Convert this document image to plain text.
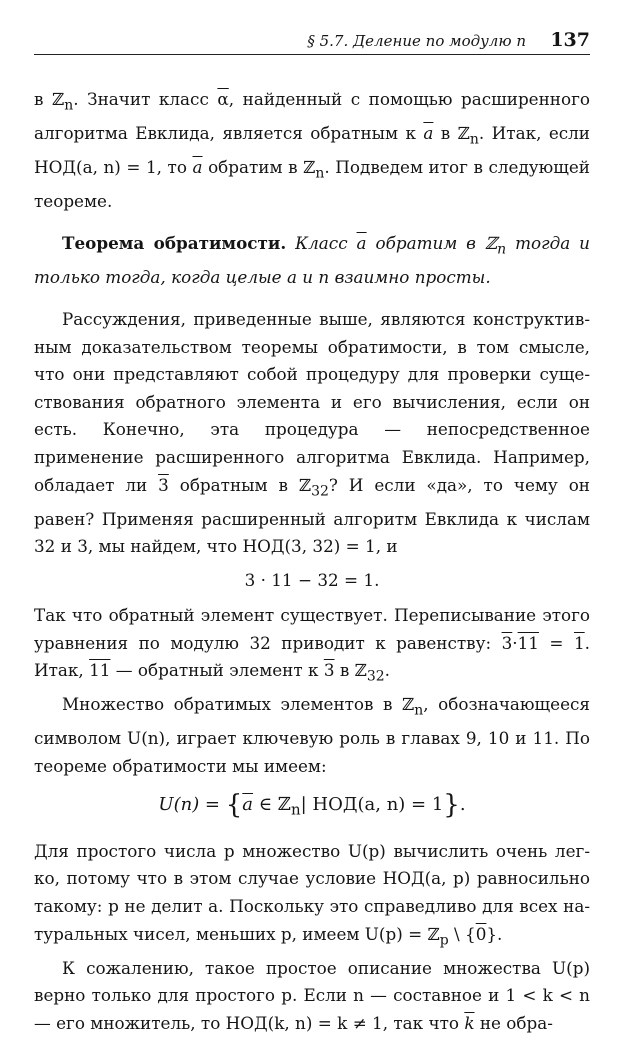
§ 5.7. Деление по модулю n 137

в ℤ$_n$. Значит класс $\overline{\alpha}$, найденный с помощью расширенного алгоритма Евклида, является обратным к $\overline{a}$ в ℤ$_n$. Итак, если НОД(a, n) = 1, то $\overline{a}$ обратим в ℤ$_n$. Подведем итог в следующей теореме.

Теорема обратимости. Класс $\overline{a}$ обратим в ℤ$_n$ тогда и только тогда, когда целые a и n взаимно просты.

Рассуждения, приведенные выше, являются конструктивным доказательством теоремы обратимости, в том смысле, что они представляют собой процедуру для проверки существования обратного элемента и его вычисления, если он есть. Конечно, эта процедура — непосредственное применение расширенного алгоритма Евклида. Например, обладает ли 3 обратным в ℤ$_{32}$? И если «да», то чему он равен? Применяя расширенный алгоритм Евклида к числам 32 и 3, мы найдем, что НОД(3, 32) = 1, и

3 · 11 − 32 = 1.

Так что обратный элемент существует. Переписывание этого уравнения по модулю 32 приводит к равенству: 3·11 = 1. Итак, 11 — обратный элемент к 3 в ℤ$_{32}$.

Множество обратимых элементов в ℤ$_n$, обозначающееся символом U(n), играет ключевую роль в главах 9, 10 и 11. По теореме обратимости мы имеем:

$U(n) = \{\overline{a}$ ∈ ℤ$_n$| НОД(a, n) = 1}.

Для простого числа p множество U(p) вычислить очень легко, потому что в этом случае условие НОД(a, p) равносильно такому: p не делит a. Поскольку это справедливо для всех натуральных чисел, меньших p, имеем U(p) = ℤ$_p$ \ {0}.

К сожалению, такое простое описание множества U(p) верно только для простого p. Если n — составное и 1 < k < n — его множитель, то НОД(k, n) = k ≠ 1, так что $\overline{k}$ не обра-
